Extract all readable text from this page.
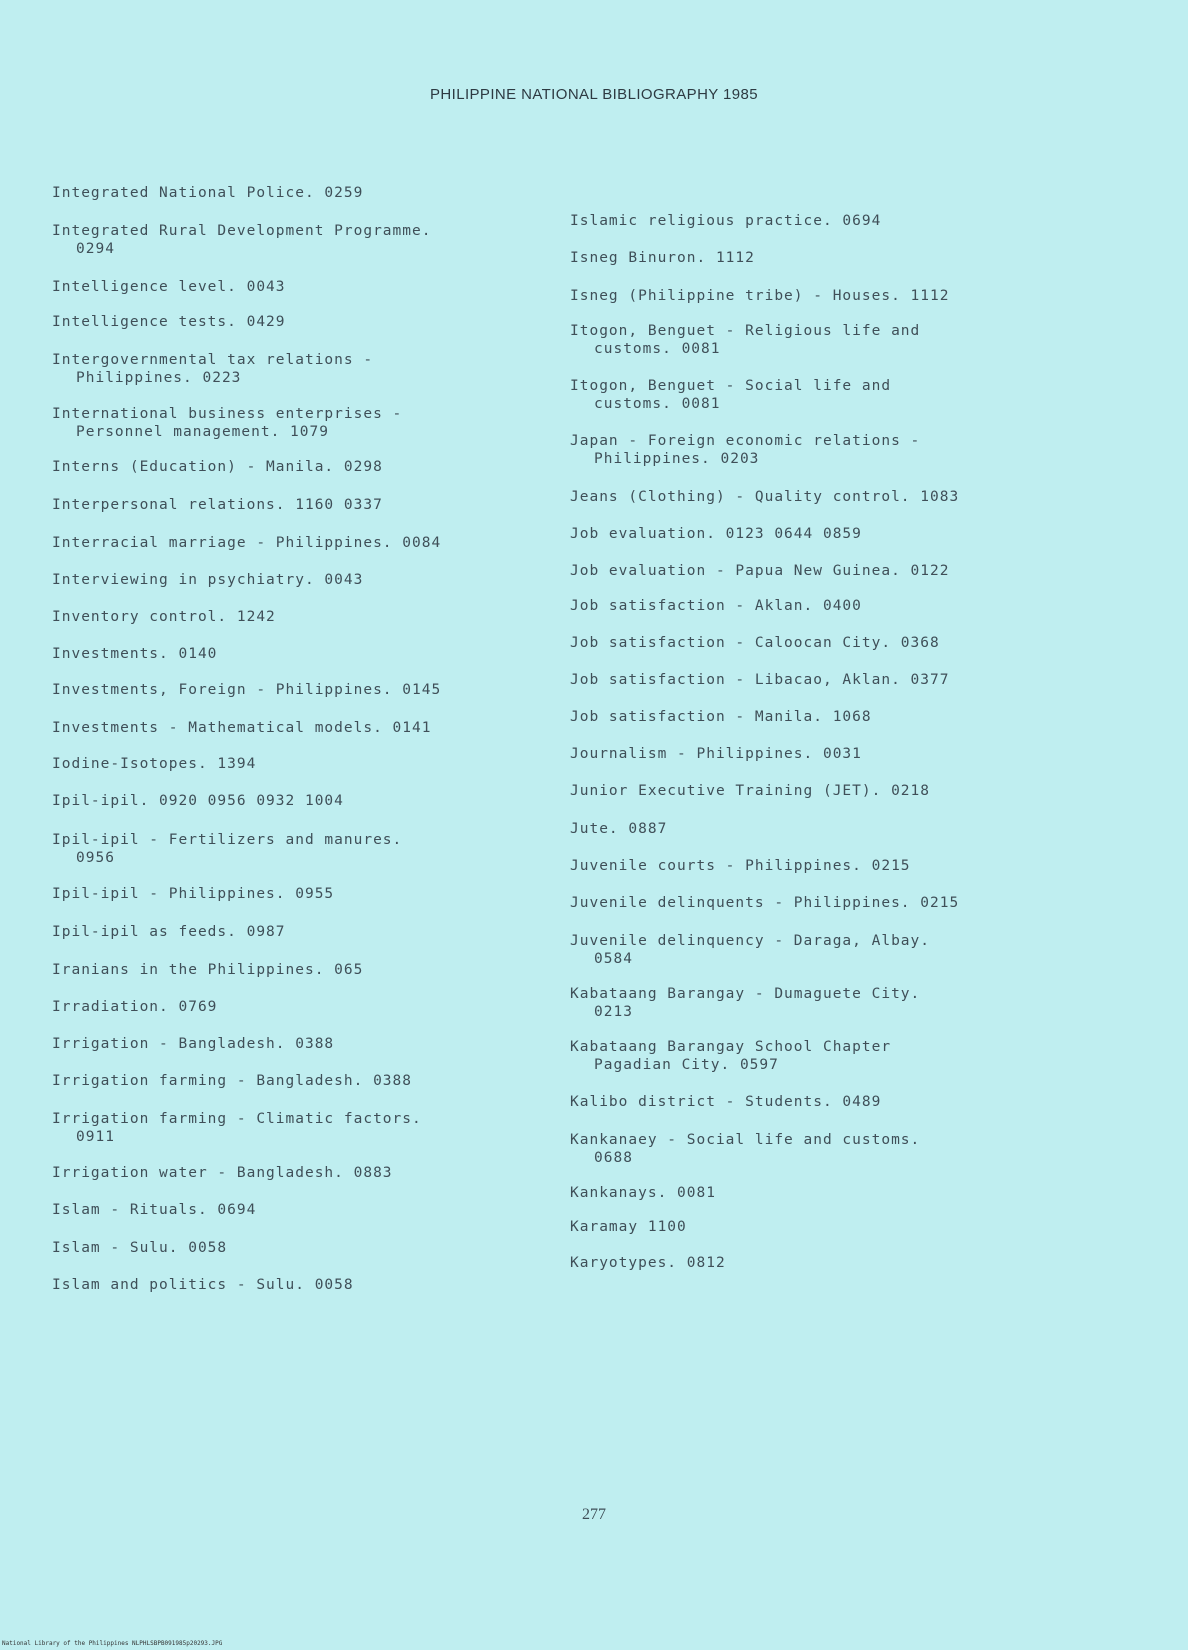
PHILIPPINE NATIONAL BIBLIOGRAPHY 1985
Integrated National Police. 0259
Integrated Rural Development Programme.
0294
Intelligence level. 0043
Intelligence tests. 0429
Intergovernmental tax relations -
Philippines. 0223
International business enterprises -
Personnel management. 1079
Interns (Education) - Manila. 0298
Interpersonal relations. 1160 0337
Interracial marriage - Philippines. 0084
Interviewing in psychiatry. 0043
Inventory control. 1242
Investments. 0140
Investments, Foreign - Philippines. 0145
Investments - Mathematical models. 0141
Iodine-Isotopes. 1394
Ipil-ipil. 0920 0956 0932 1004
Ipil-ipil - Fertilizers and manures.
0956
Ipil-ipil - Philippines. 0955
Ipil-ipil as feeds. 0987
Iranians in the Philippines. 065
Irradiation. 0769
Irrigation - Bangladesh. 0388
Irrigation farming - Bangladesh. 0388
Irrigation farming - Climatic factors.
0911
Irrigation water - Bangladesh. 0883
Islam - Rituals. 0694
Islam - Sulu. 0058
Islam and politics - Sulu. 0058
Islamic religious practice. 0694
Isneg Binuron. 1112
Isneg (Philippine tribe) - Houses. 1112
Itogon, Benguet - Religious life and
customs. 0081
Itogon, Benguet - Social life and
customs. 0081
Japan - Foreign economic relations -
Philippines. 0203
Jeans (Clothing) - Quality control. 1083
Job evaluation. 0123 0644 0859
Job evaluation - Papua New Guinea. 0122
Job satisfaction - Aklan. 0400
Job satisfaction - Caloocan City. 0368
Job satisfaction - Libacao, Aklan. 0377
Job satisfaction - Manila. 1068
Journalism - Philippines. 0031
Junior Executive Training (JET). 0218
Jute. 0887
Juvenile courts - Philippines. 0215
Juvenile delinquents - Philippines. 0215
Juvenile delinquency - Daraga, Albay.
0584
Kabataang Barangay - Dumaguete City.
0213
Kabataang Barangay School Chapter
Pagadian City. 0597
Kalibo district - Students. 0489
Kankanaey - Social life and customs.
0688
Kankanays. 0081
Karamay 1100
Karyotypes. 0812
277
National Library of the Philippines NLPHLSBPB091985p20293.JPG
